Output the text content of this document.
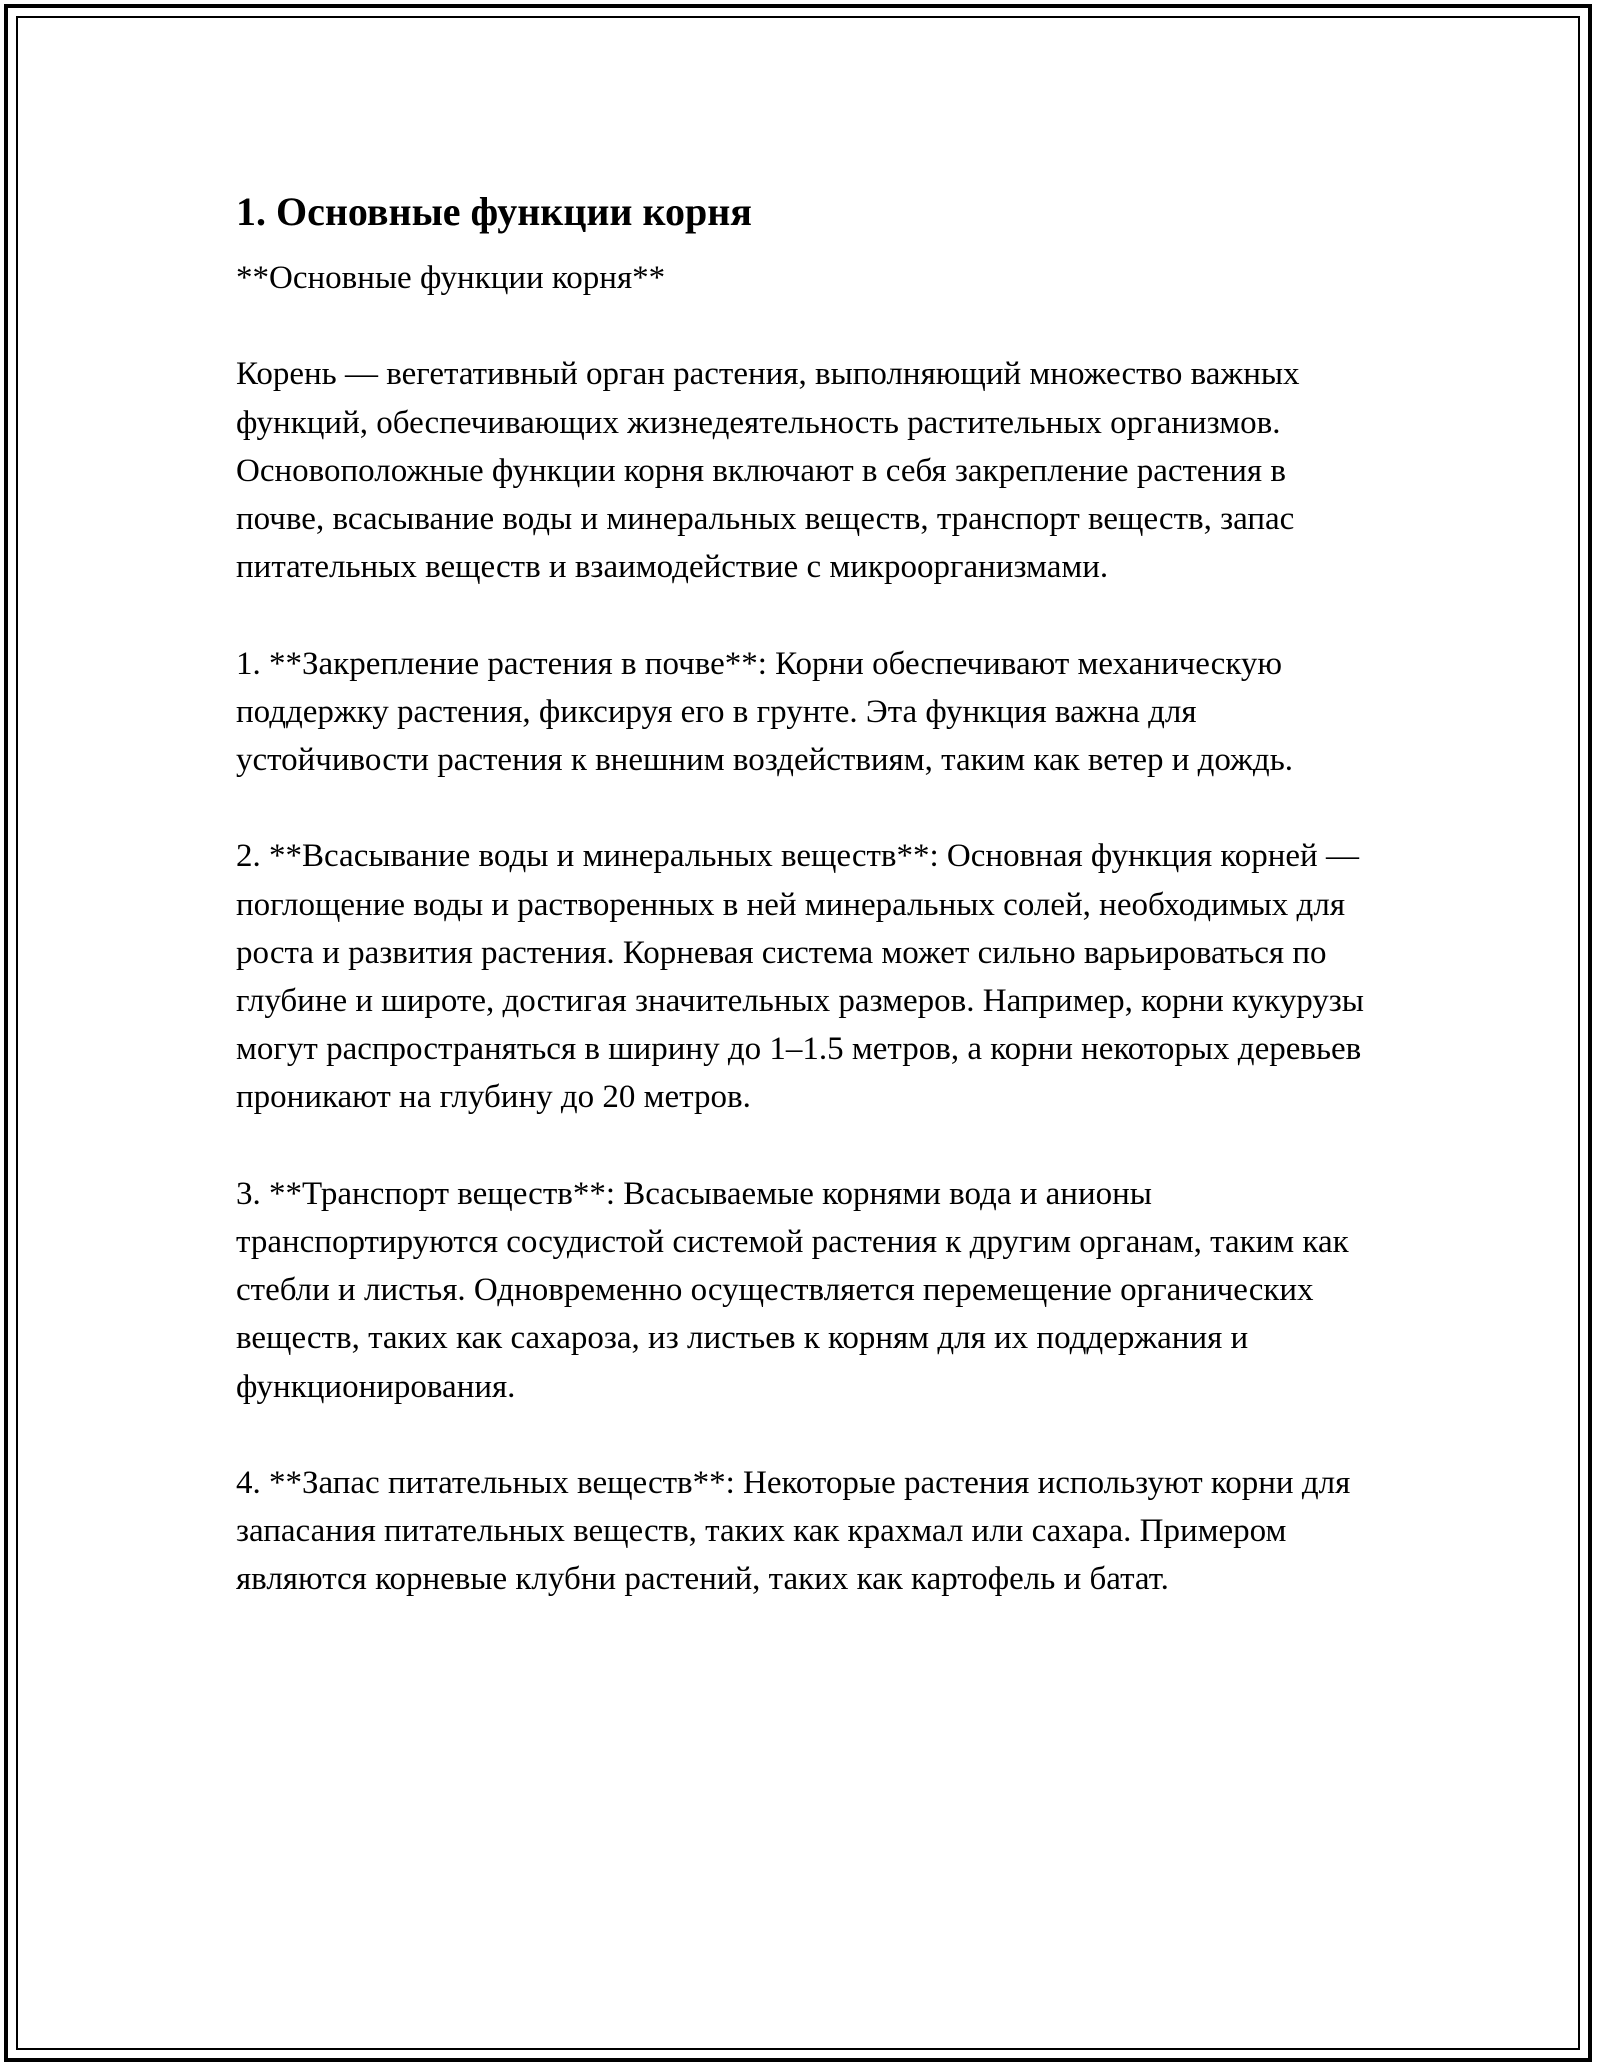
1. Основные функции корня

**Основные функции корня**

Корень — вегетативный орган растения, выполняющий множество важных функций, обеспечивающих жизнедеятельность растительных организмов. Основоположные функции корня включают в себя закрепление растения в почве, всасывание воды и минеральных веществ, транспорт веществ, запас питательных веществ и взаимодействие с микроорганизмами.

1. **Закрепление растения в почве**: Корни обеспечивают механическую поддержку растения, фиксируя его в грунте. Эта функция важна для устойчивости растения к внешним воздействиям, таким как ветер и дождь.

2. **Всасывание воды и минеральных веществ**: Основная функция корней — поглощение воды и растворенных в ней минеральных солей, необходимых для роста и развития растения. Корневая система может сильно варьироваться по глубине и широте, достигая значительных размеров. Например, корни кукурузы могут распространяться в ширину до 1–1.5 метров, а корни некоторых деревьев проникают на глубину до 20 метров.

3. **Транспорт веществ**: Всасываемые корнями вода и анионы транспортируются сосудистой системой растения к другим органам, таким как стебли и листья. Одновременно осуществляется перемещение органических веществ, таких как сахароза, из листьев к корням для их поддержания и функционирования.

4. **Запас питательных веществ**: Некоторые растения используют корни для запасания питательных веществ, таких как крахмал или сахара. Примером являются корневые клубни растений, таких как картофель и батат.
